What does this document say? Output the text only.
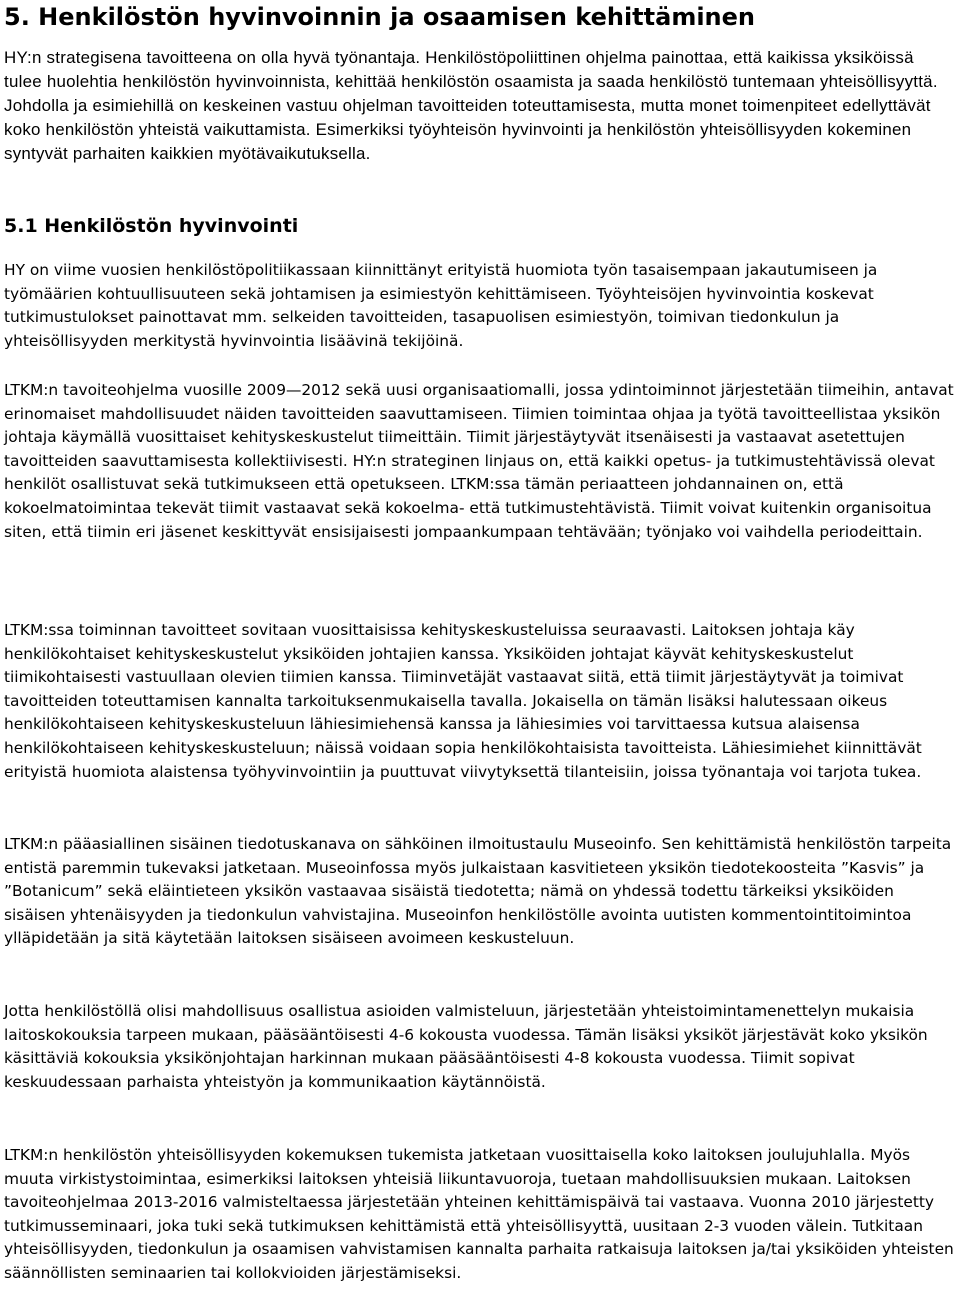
5. Henkilöstön hyvinvoinnin ja osaamisen kehittäminen

HY:n strategisena tavoitteena on olla hyvä työnantaja. Henkilöstöpoliittinen ohjelma painottaa, että kaikissa yksiköissä tulee huolehtia henkilöstön hyvinvoinnista, kehittää henkilöstön osaamista ja saada henkilöstö tuntemaan yhteisöllisyyttä. Johdolla ja esimiehillä on keskeinen vastuu ohjelman tavoitteiden toteuttamisesta, mutta monet toimenpiteet edellyttävät koko henkilöstön yhteistä vaikuttamista. Esimerkiksi työyhteisön hyvinvointi ja henkilöstön yhteisöllisyyden kokeminen syntyvät parhaiten kaikkien myötävaikutuksella.

5.1 Henkilöstön hyvinvointi

HY on viime vuosien henkilöstöpolitiikassaan kiinnittänyt erityistä huomiota työn tasaisempaan jakautumiseen ja työmäärien kohtuullisuuteen sekä johtamisen ja esimiestyön kehittämiseen. Työyhteisöjen hyvinvointia koskevat tutkimustulokset painottavat mm. selkeiden tavoitteiden, tasapuolisen esimiestyön, toimivan tiedonkulun ja yhteisöllisyyden merkitystä hyvinvointia lisäävinä tekijöinä.

LTKM:n tavoiteohjelma vuosille 2009—2012 sekä uusi organisaatiomalli, jossa ydintoiminnot järjestetään tiimeihin, antavat erinomaiset mahdollisuudet näiden tavoitteiden saavuttamiseen. Tiimien toimintaa ohjaa ja työtä tavoitteellistaa yksikön johtaja käymällä vuosittaiset kehityskeskustelut tiimeittäin. Tiimit järjestäytyvät itsenäisesti ja vastaavat asetettujen tavoitteiden saavuttamisesta kollektiivisesti. HY:n strateginen linjaus on, että kaikki opetus- ja tutkimustehtävissä olevat henkilöt osallistuvat sekä tutkimukseen että opetukseen. LTKM:ssa tämän periaatteen johdannainen on, että kokoelmatoimintaa tekevät tiimit vastaavat sekä kokoelma- että tutkimustehtävistä. Tiimit voivat kuitenkin organisoitua siten, että tiimin eri jäsenet keskittyvät ensisijaisesti jompaankumpaan tehtävään; työnjako voi vaihdella periodeittain.

LTKM:ssa toiminnan tavoitteet sovitaan vuosittaisissa kehityskeskusteluissa seuraavasti. Laitoksen johtaja käy henkilökohtaiset kehityskeskustelut yksiköiden johtajien kanssa. Yksiköiden johtajat käyvät kehityskeskustelut tiimikohtaisesti vastuullaan olevien tiimien kanssa. Tiiminvetäjät vastaavat siitä, että tiimit järjestäytyvät ja toimivat tavoitteiden toteuttamisen kannalta tarkoituksenmukaisella tavalla. Jokaisella on tämän lisäksi halutessaan oikeus henkilökohtaiseen kehityskeskusteluun lähiesimiehensä kanssa ja lähiesimies voi tarvittaessa kutsua alaisensa henkilökohtaiseen kehityskeskusteluun; näissä voidaan sopia henkilökohtaisista tavoitteista. Lähiesimiehet kiinnittävät erityistä huomiota alaistensa työhyvinvointiin ja puuttuvat viivytyksettä tilanteisiin, joissa työnantaja voi tarjota tukea.

LTKM:n pääasiallinen sisäinen tiedotuskanava on sähköinen ilmoitustaulu Museoinfo. Sen kehittämistä henkilöstön tarpeita entistä paremmin tukevaksi jatketaan. Museoinfossa myös julkaistaan kasvitieteen yksikön tiedotekoosteita ”Kasvis” ja ”Botanicum” sekä eläintieteen yksikön vastaavaa sisäistä tiedotetta; nämä on yhdessä todettu tärkeiksi yksiköiden sisäisen yhtenäisyyden ja tiedonkulun vahvistajina. Museoinfon henkilöstölle avointa uutisten kommentointitoimintoa ylläpidetään ja sitä käytetään laitoksen sisäiseen avoimeen keskusteluun.

Jotta henkilöstöllä olisi mahdollisuus osallistua asioiden valmisteluun, järjestetään yhteistoimintamenettelyn mukaisia laitoskokouksia tarpeen mukaan, pääsääntöisesti 4-6 kokousta vuodessa. Tämän lisäksi yksiköt järjestävät koko yksikön käsittäviä kokouksia yksikönjohtajan harkinnan mukaan pääsääntöisesti 4-8 kokousta vuodessa. Tiimit sopivat keskuudessaan parhaista yhteistyön ja kommunikaation käytännöistä.

LTKM:n henkilöstön yhteisöllisyyden kokemuksen tukemista jatketaan vuosittaisella koko laitoksen joulujuhlalla. Myös muuta virkistystoimintaa, esimerkiksi laitoksen yhteisiä liikuntavuoroja, tuetaan mahdollisuuksien mukaan. Laitoksen tavoiteohjelmaa 2013-2016 valmisteltaessa järjestetään yhteinen kehittämispäivä tai vastaava. Vuonna 2010 järjestetty tutkimusseminaari, joka tuki sekä tutkimuksen kehittämistä että yhteisöllisyyttä, uusitaan 2-3 vuoden välein. Tutkitaan yhteisöllisyyden, tiedonkulun ja osaamisen vahvistamisen kannalta parhaita ratkaisuja laitoksen ja/tai yksiköiden yhteisten säännöllisten seminaarien tai kollokvioiden järjestämiseksi.
